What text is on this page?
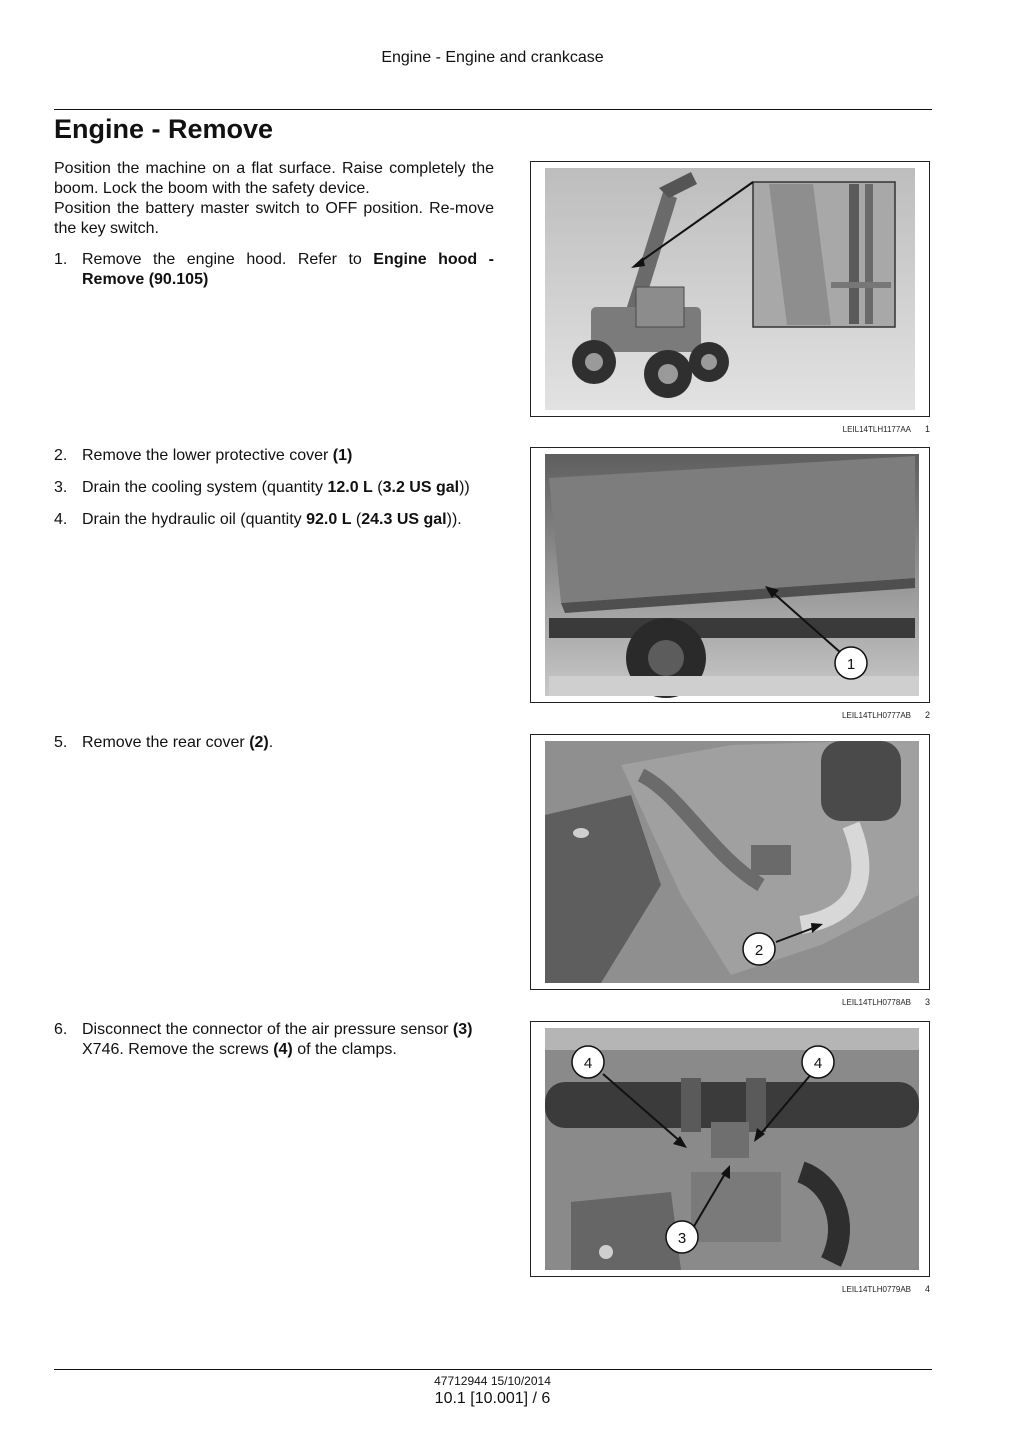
Engine - Engine and crankcase
Engine - Remove
Position the machine on a flat surface. Raise completely the boom. Lock the boom with the safety device.
Position the battery master switch to OFF position. Re-move the key switch.
1. Remove the engine hood. Refer to Engine hood - Remove (90.105)
2. Remove the lower protective cover (1)
3. Drain the cooling system (quantity 12.0 L (3.2 US gal))
4. Drain the hydraulic oil (quantity 92.0 L (24.3 US gal)).
5. Remove the rear cover (2).
6. Disconnect the connector of the air pressure sensor (3) X746. Remove the screws (4) of the clamps.
LEIL14TLH1177AA 1
1
LEIL14TLH0777AB 2
2
LEIL14TLH0778AB 3
4	4
3
LEIL14TLH0779AB 4
47712944 15/10/2014
10.1 [10.001] / 6
